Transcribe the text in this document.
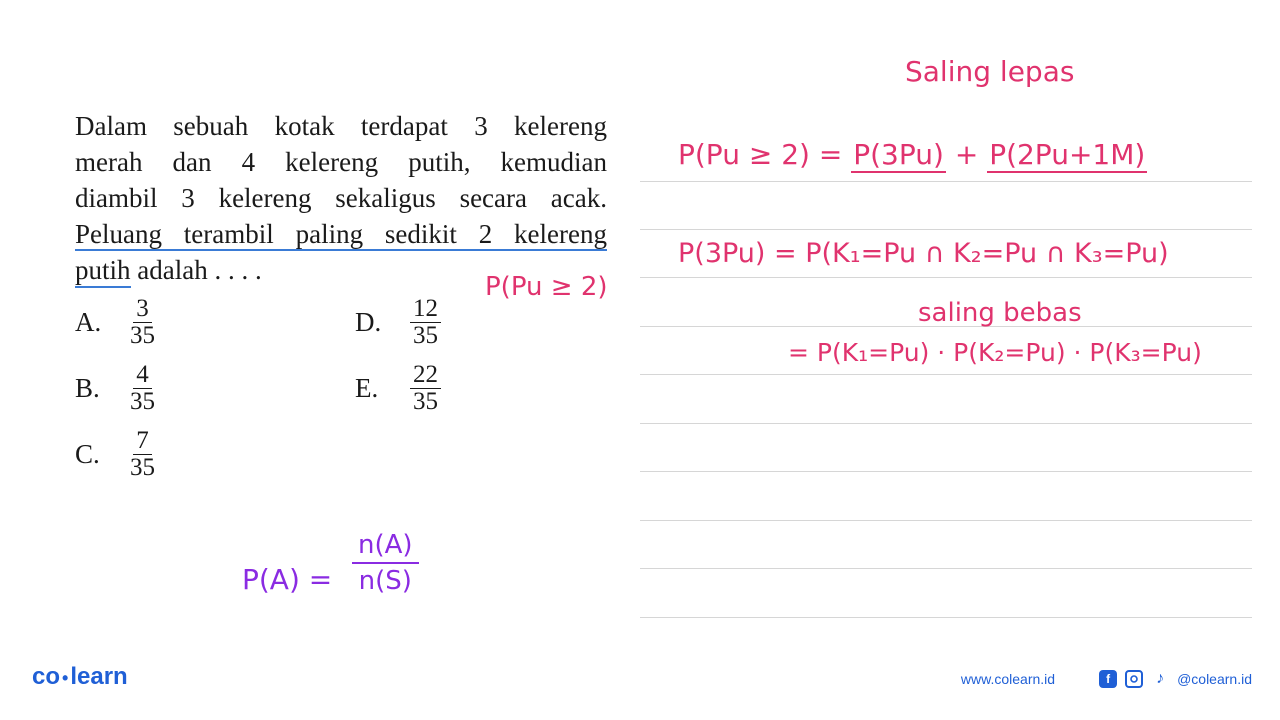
Dalam sebuah kotak terdapat 3 kelereng
merah dan 4 kelereng putih, kemudian
diambil 3 kelereng sekaligus secara acak.
Peluang terambil paling sedikit 2 kelereng
putih adalah . . . .
A.	$\frac{3}{35}$
B.	$\frac{4}{35}$
C.	$\frac{7}{35}$
D.	$\frac{12}{35}$
E.	$\frac{22}{35}$
Saling lepas
P(Pu ≥ 2) = P(3Pu) + P(2Pu+1M)
P(3Pu) = P(K₁=Pu ∩ K₂=Pu ∩ K₃=Pu)
P(Pu ≥ 2)
saling bebas
= P(K₁=Pu) · P(K₂=Pu) · P(K₃=Pu)
$P(A) = \frac{n(A)}{n(S)}$
co •learn	www.colearn.id	f	♪ @colearn.id
